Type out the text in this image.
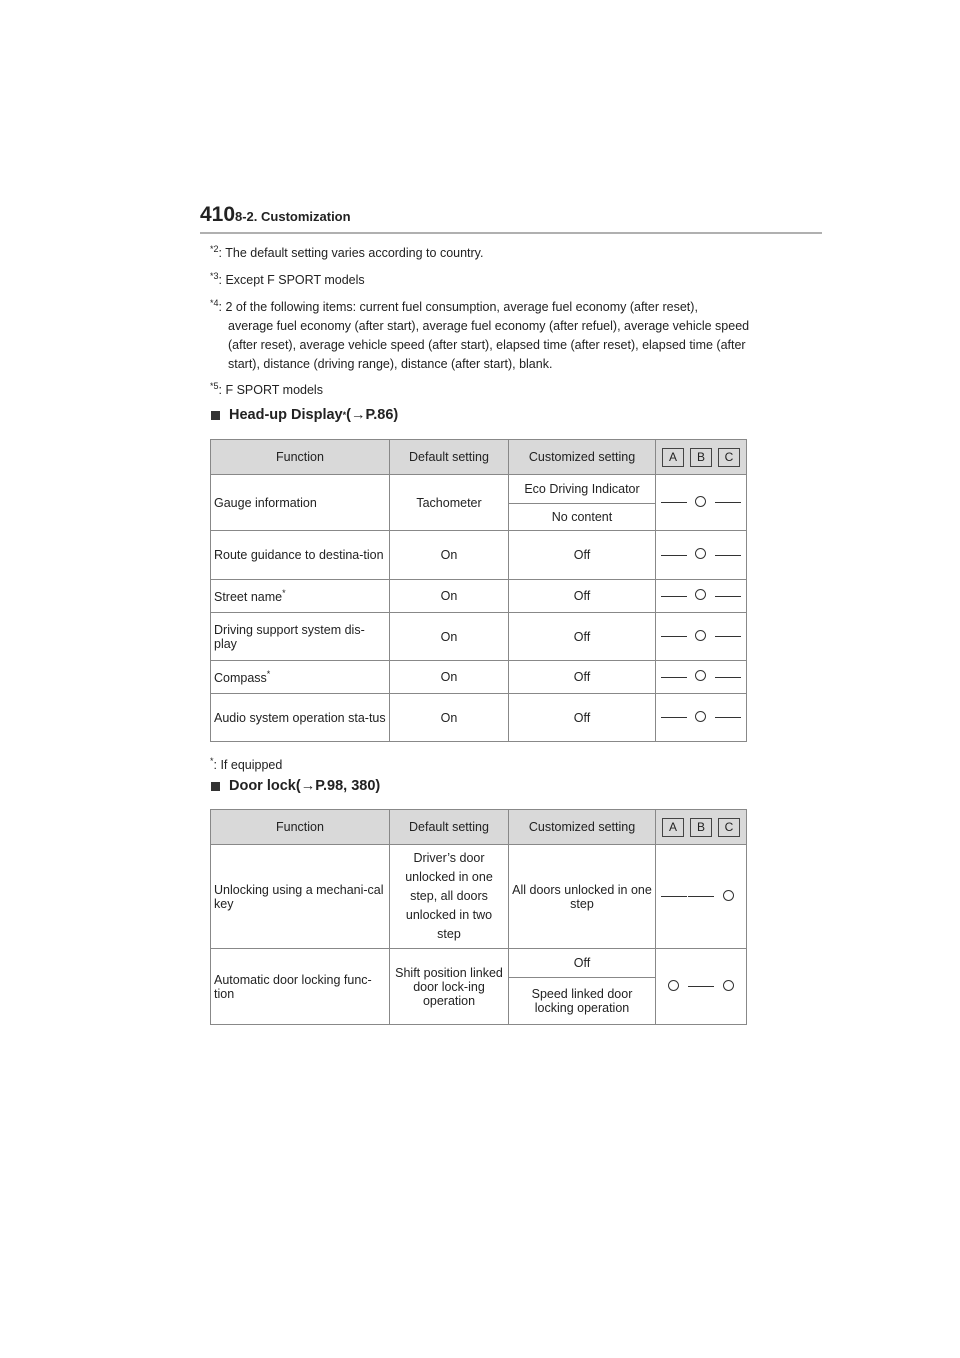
410 8-2. Customization
$^{*2}$: The default setting varies according to country.
$^{*3}$: Except F SPORT models
$^{*4}$: 2 of the following items: current fuel consumption, average fuel economy (after reset),
average fuel economy (after start), average fuel economy (after refuel), average vehicle speed (after reset), average vehicle speed (after start), elapsed time (after reset), elapsed time (after start), distance (driving range), distance (after start), blank.
$^{*5}$: F SPORT models
Head-up Display * (→P.86)
Function	Default setting	Customized setting	A B C

Gauge information	Tachometer	Eco Driving Indicator	

		No content	
Route guidance to destina-tion	On	Off	

Street name*	On	Off	

Driving support system dis-play	On	Off	

Compass*	On	Off	

Audio system operation sta-tus	On	Off	
*: If equipped
Door lock (→P.98, 380)
Function	Default setting	Customized setting	A B C

Unlocking using a mechani-cal key	Driver’s door unlocked in one step, all doors unlocked in two step	All doors unlocked in one step	

Automatic door locking func-tion	Shift position linked door lock-ing operation	Off	

		Speed linked door locking operation	
